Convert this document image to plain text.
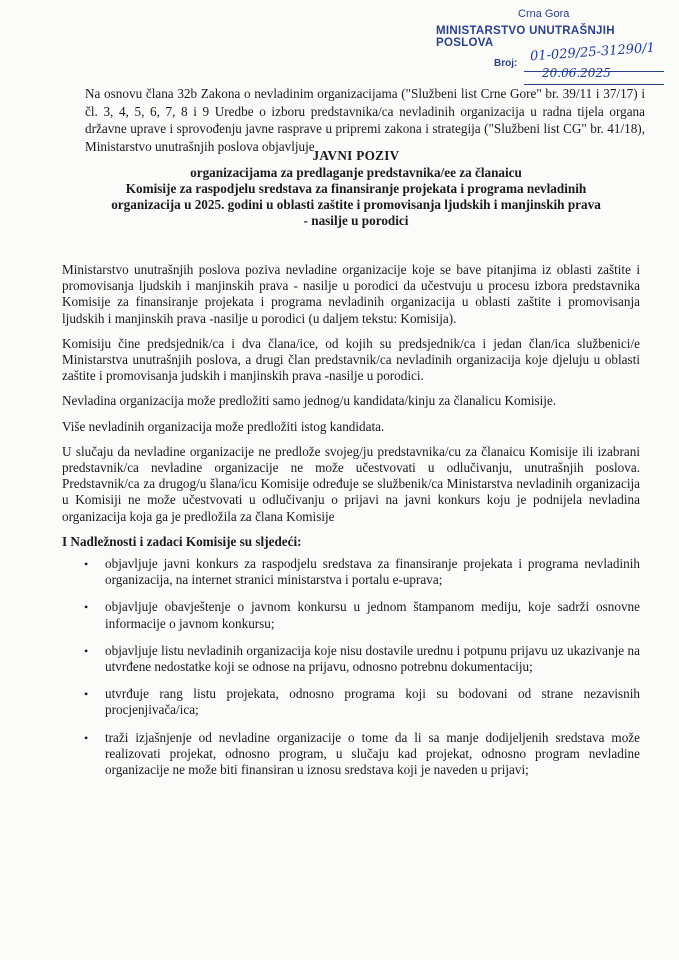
Crna Gora
MINISTARSTVO UNUTRAŠNJIH POSLOVA
Broj: 01-029/25-31290/1
20.06.2025

Na osnovu člana 32b Zakona o nevladinim organizacijama ("Službeni list Crne Gore" br. 39/11 i 37/17) i čl. 3, 4, 5, 6, 7, 8 i 9 Uredbe o izboru predstavnika/ca nevladinih organizacija u radna tijela organa državne uprave i sprovođenju javne rasprave u pripremi zakona i strategija ("Službeni list CG" br. 41/18), Ministarstvo unutrašnjih poslova objavljuje

JAVNI POZIV
organizacijama za predlaganje predstavnika/ee za članaicu
Komisije za raspodjelu sredstava za finansiranje projekata i programa nevladinih
organizacija u 2025. godini u oblasti zaštite i promovisanja ljudskih i manjinskih prava
- nasilje u porodici

Ministarstvo unutrašnjih poslova poziva nevladine organizacije koje se bave pitanjima iz oblasti zaštite i promovisanja ljudskih i manjinskih prava - nasilje u porodici da učestvuju u procesu izbora predstavnika Komisije za finansiranje projekata i programa nevladinih organizacija u oblasti zaštite i promovisanja ljudskih i manjinskih prava -nasilje u porodici (u daljem tekstu: Komisija).

Komisiju čine predsjednik/ca i dva člana/ice, od kojih su predsjednik/ca i jedan član/ica službenici/e Ministarstva unutrašnjih poslova, a drugi član predstavnik/ca nevladinih organizacija koje djeluju u oblasti zaštite i promovisanja judskih i manjinskih prava -nasilje u porodici.

Nevladina organizacija može predložiti samo jednog/u kandidata/kinju za članalicu Komisije.

Više nevladinih organizacija može predložiti istog kandidata.

U slučaju da nevladine organizacije ne predlože svojeg/ju predstavnika/cu za članaicu Komisije ili izabrani predstavnik/ca nevladine organizacije ne može učestvovati u odlučivanju, unutrašnjih poslova. Predstavnik/ca za drugog/u šlana/icu Komisije određuje se službenik/ca Ministarstva nevladinih organizacija u Komisiji ne može učestvovati u odlučivanju o prijavi na javni konkurs koju je podnijela nevladina organizacija koja ga je predložila za člana Komisije

I Nadležnosti i zadaci Komisije su sljedeći:

• objavljuje javni konkurs za raspodjelu sredstava za finansiranje projekata i programa nevladinih organizacija, na internet stranici ministarstva i portalu e-uprava;
• objavljuje obavještenje o javnom konkursu u jednom štampanom mediju, koje sadrži osnovne informacije o javnom konkursu;
• objavljuje listu nevladinih organizacija koje nisu dostavile urednu i potpunu prijavu uz ukazivanje na utvrđene nedostatke koji se odnose na prijavu, odnosno potrebnu dokumentaciju;
• utvrđuje rang listu projekata, odnosno programa koji su bodovani od strane nezavisnih procjenjivača/ica;
• traži izjašnjenje od nevladine organizacije o tome da li sa manje dodijeljenih sredstava može realizovati projekat, odnosno program, u slučaju kad projekat, odnosno program nevladine organizacije ne može biti finansiran u iznosu sredstava koji je naveden u prijavi;
